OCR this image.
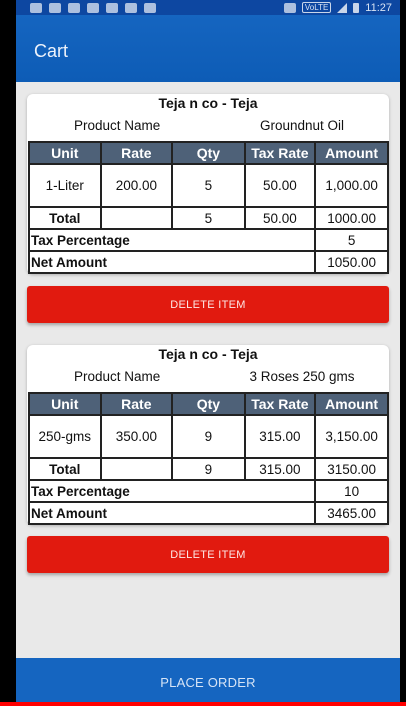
VoLTE	11:27
Cart
Teja n co - Teja
Product Name	Groundnut Oil
Unit	Rate	Qty	Tax Rate	Amount
1-Liter	200.00	5	50.00	1,000.00
Total		5	50.00	1000.00
Tax Percentage				5
Net Amount				1050.00
DELETE ITEM
Teja n co - Teja
Product Name	3 Roses 250 gms
Unit	Rate	Qty	Tax Rate	Amount
250-gms	350.00	9	315.00	3,150.00
Total		9	315.00	3150.00
Tax Percentage				10
Net Amount				3465.00
DELETE ITEM
PLACE ORDER
